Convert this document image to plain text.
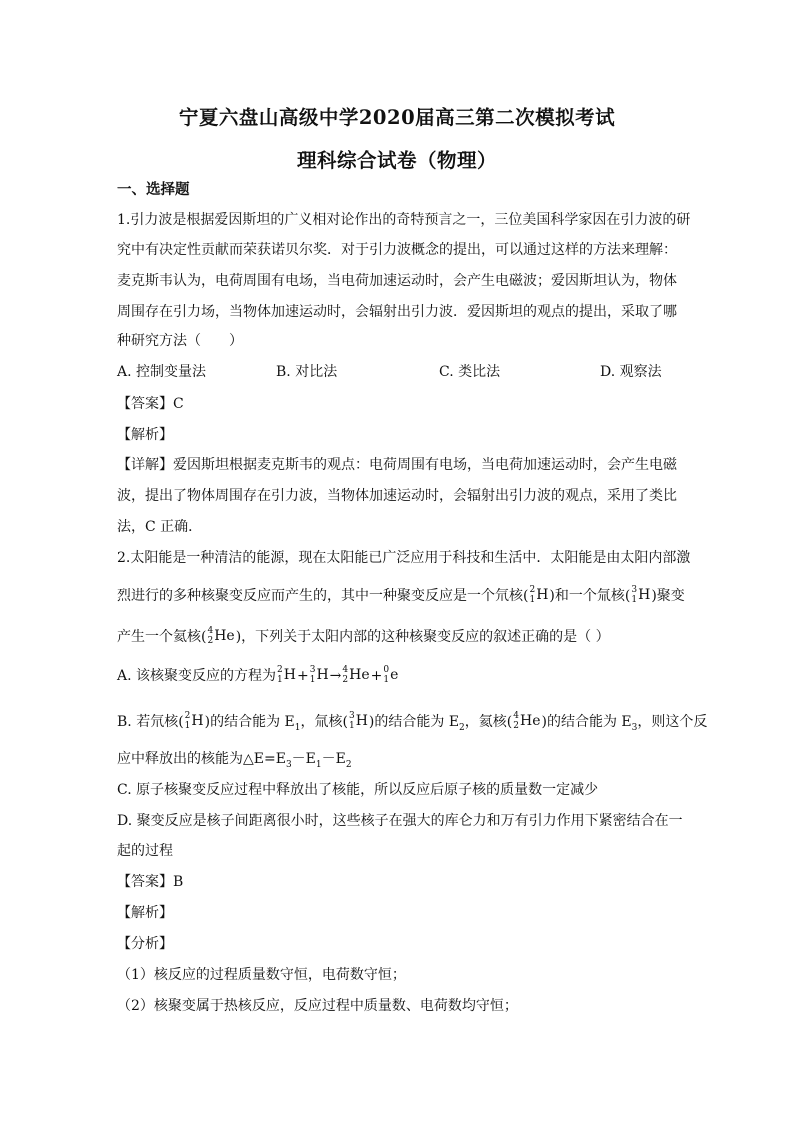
宁夏六盘山高级中学2020届高三第二次模拟考试
理科综合试卷（物理）
一、选择题
1.引力波是根据爱因斯坦的广义相对论作出的奇特预言之一，三位美国科学家因在引力波的研
究中有决定性贡献而荣获诺贝尔奖．对于引力波概念的提出，可以通过这样的方法来理解：
麦克斯韦认为，电荷周围有电场，当电荷加速运动时，会产生电磁波；爱因斯坦认为，物体
周围存在引力场，当物体加速运动时，会辐射出引力波．爱因斯坦的观点的提出，采取了哪
种研究方法（　　）
A. 控制变量法	B. 对比法	C. 类比法	D. 观察法
【答案】C
【解析】
【详解】爱因斯坦根据麦克斯韦的观点：电荷周围有电场，当电荷加速运动时，会产生电磁
波，提出了物体周围存在引力波，当物体加速运动时，会辐射出引力波的观点，采用了类比
法，C 正确．
2.太阳能是一种清洁的能源，现在太阳能已广泛应用于科技和生活中．太阳能是由太阳内部激
烈进行的多种核聚变反应而产生的，其中一种聚变反应是一个氘核( 2
1 H)和一个氚核( 3
1 H)聚变
产生一个氦核( 4
2 He)，下列关于太阳内部的这种核聚变反应的叙述正确的是（ ）
A. 该核聚变反应的方程为 2
1 H+ 3
1 H→ 4
2 He+ 0
1 e
B. 若氘核( 2
1 H)的结合能为 $E_1$，氚核( 3
1 H)的结合能为 $E_2$，氦核( 4
2 He)的结合能为 $E_3$，则这个反
应中释放出的核能为$\triangle E=E_3-E_1-E_2$
C. 原子核聚变反应过程中释放出了核能，所以反应后原子核的质量数一定减少
D. 聚变反应是核子间距离很小时，这些核子在强大的库仑力和万有引力作用下紧密结合在一
起的过程
【答案】B
【解析】
【分析】
（1）核反应的过程质量数守恒，电荷数守恒；
（2）核聚变属于热核反应，反应过程中质量数、电荷数均守恒；
